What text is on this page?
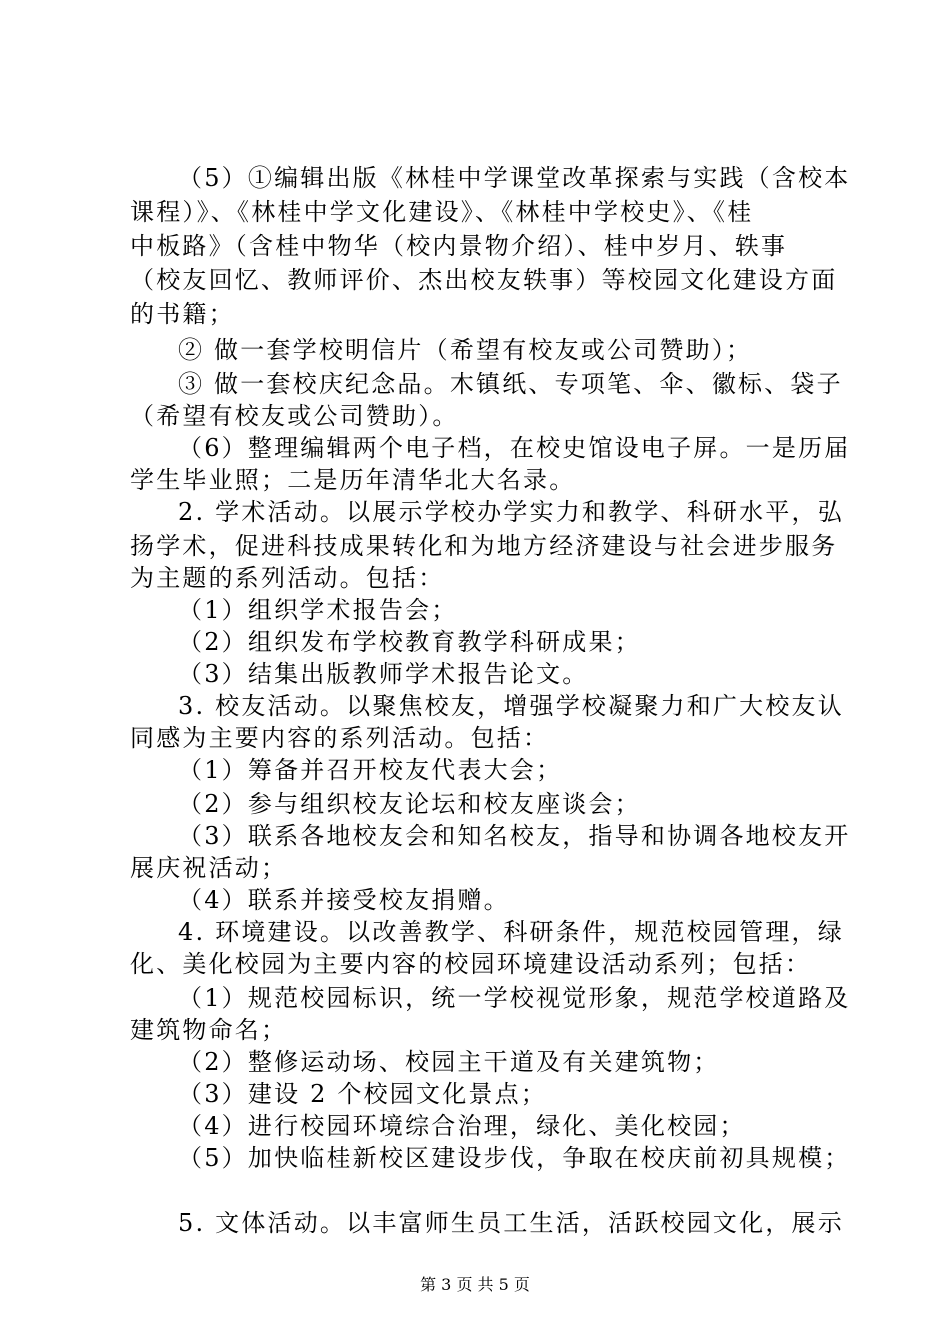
（5）①编辑出版《林桂中学课堂改革探索与实践（含校本
课程）》、《林桂中学文化建设》、《林桂中学校史》、《桂
中板路》（含桂中物华（校内景物介绍）、桂中岁月、轶事
（校友回忆、教师评价、杰出校友轶事）等校园文化建设方面
的书籍；
② 做一套学校明信片（希望有校友或公司赞助）；
③ 做一套校庆纪念品。木镇纸、专项笔、伞、徽标、袋子
（希望有校友或公司赞助）。
（6）整理编辑两个电子档，在校史馆设电子屏。一是历届
学生毕业照；二是历年清华北大名录。
2. 学术活动。以展示学校办学实力和教学、科研水平，弘
扬学术，促进科技成果转化和为地方经济建设与社会进步服务
为主题的系列活动。包括：
（1）组织学术报告会；
（2）组织发布学校教育教学科研成果；
（3）结集出版教师学术报告论文。
3. 校友活动。以聚焦校友，增强学校凝聚力和广大校友认
同感为主要内容的系列活动。包括：
（1）筹备并召开校友代表大会；
（2）参与组织校友论坛和校友座谈会；
（3）联系各地校友会和知名校友，指导和协调各地校友开
展庆祝活动；
（4）联系并接受校友捐赠。
4. 环境建设。以改善教学、科研条件，规范校园管理，绿
化、美化校园为主要内容的校园环境建设活动系列；包括：
（1）规范校园标识，统一学校视觉形象，规范学校道路及
建筑物命名；
（2）整修运动场、校园主干道及有关建筑物；
（3）建设 2 个校园文化景点；
（4）进行校园环境综合治理，绿化、美化校园；
（5）加快临桂新校区建设步伐，争取在校庆前初具规模；
5. 文体活动。以丰富师生员工生活，活跃校园文化，展示
第 3 页 共 5 页
